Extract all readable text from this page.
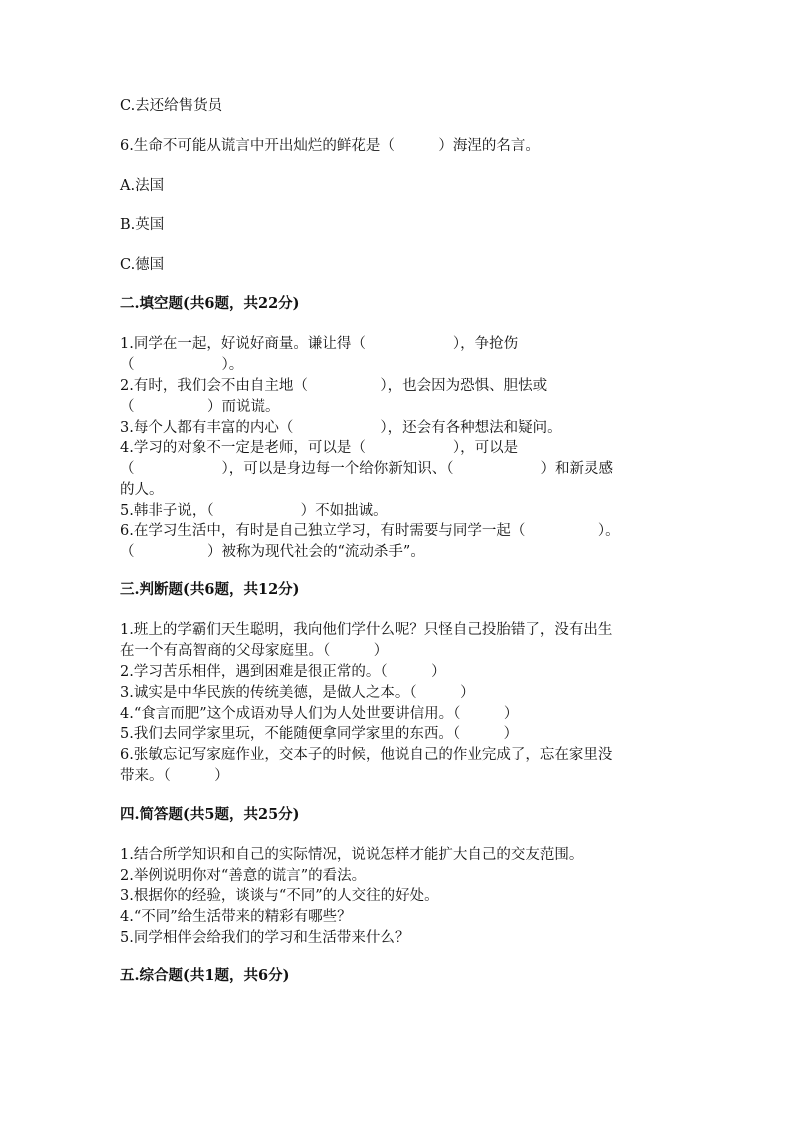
C.去还给售货员
6.生命不可能从谎言中开出灿烂的鲜花是（　　　）海涅的名言。
A.法国
B.英国
C.德国
二.填空题(共6题，共22分)
1.同学在一起，好说好商量。谦让得（　　　　　　），争抢伤
（　　　　　　）。
2.有时，我们会不由自主地（　　　　　），也会因为恐惧、胆怯或
（　　　　　）而说谎。
3.每个人都有丰富的内心（　　　　　　），还会有各种想法和疑问。
4.学习的对象不一定是老师，可以是（　　　　　　），可以是
（　　　　　　），可以是身边每一个给你新知识、（　　　　　　）和新灵感
的人。
5.韩非子说，（　　　　　　）不如拙诚。
6.在学习生活中，有时是自己独立学习，有时需要与同学一起（　　　　　）。
（　　　　　）被称为现代社会的“流动杀手”。
三.判断题(共6题，共12分)
1.班上的学霸们天生聪明，我向他们学什么呢？只怪自己投胎错了，没有出生
在一个有高智商的父母家庭里。（　　　）
2.学习苦乐相伴，遇到困难是很正常的。（　　　）
3.诚实是中华民族的传统美德，是做人之本。（　　　）
4.“食言而肥”这个成语劝导人们为人处世要讲信用。（　　　）
5.我们去同学家里玩，不能随便拿同学家里的东西。（　　　）
6.张敏忘记写家庭作业，交本子的时候，他说自己的作业完成了，忘在家里没
带来。（　　　）
四.简答题(共5题，共25分)
1.结合所学知识和自己的实际情况，说说怎样才能扩大自己的交友范围。
2.举例说明你对“善意的谎言”的看法。
3.根据你的经验，谈谈与“不同”的人交往的好处。
4.“不同”给生活带来的精彩有哪些？
5.同学相伴会给我们的学习和生活带来什么？
五.综合题(共1题，共6分)
